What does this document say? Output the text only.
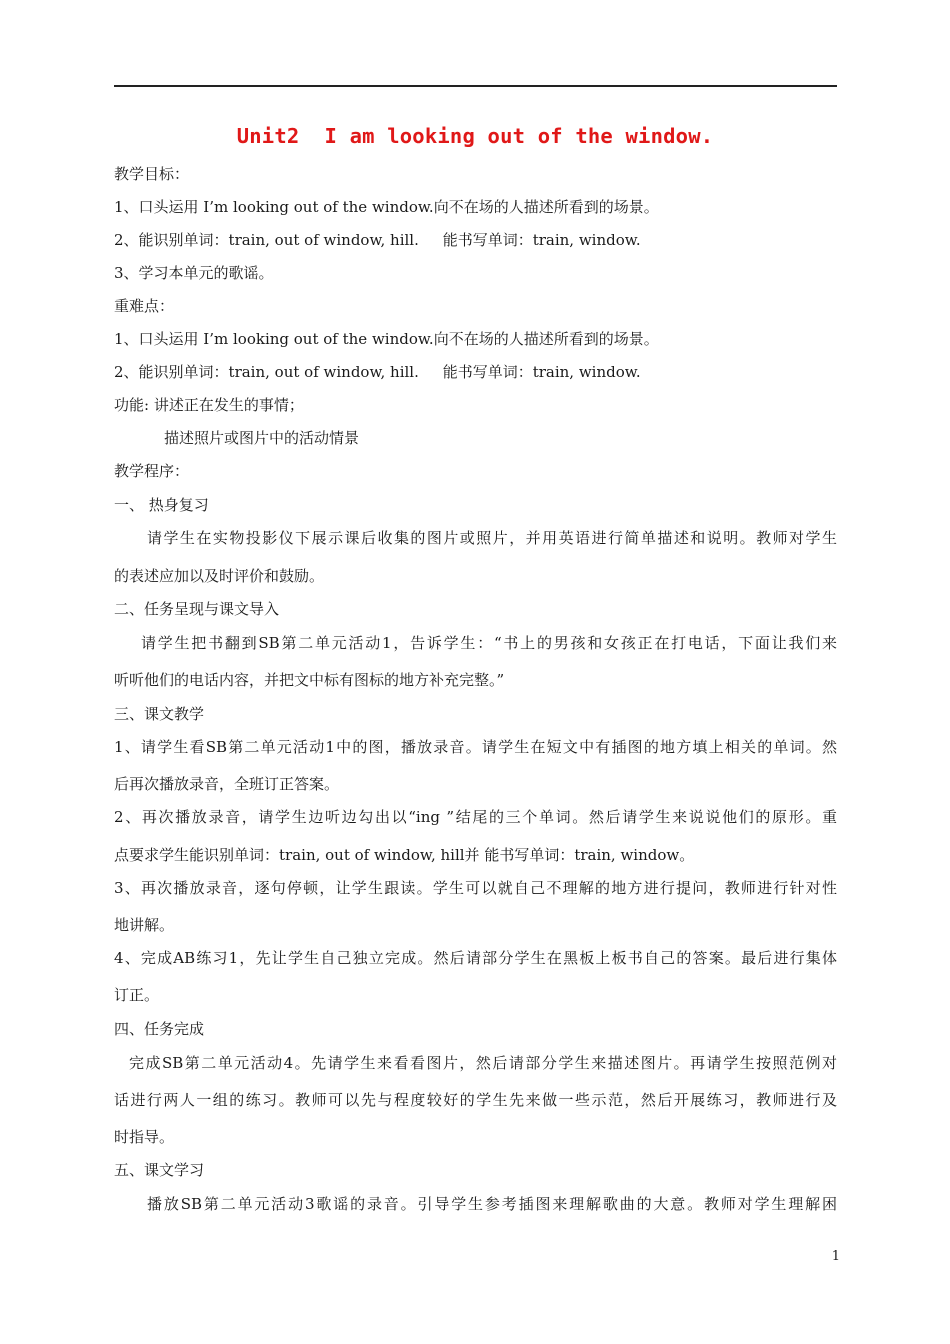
Unit2  I am looking out of the window.
教学目标：
1、口头运用 I’m looking out of the window.向不在场的人描述所看到的场景。
2、能识别单词：train, out of window, hill.     能书写单词：train, window.
3、学习本单元的歌谣。
重难点：
1、口头运用 I’m looking out of the window.向不在场的人描述所看到的场景。
2、能识别单词：train, out of window, hill.     能书写单词：train, window.
功能: 讲述正在发生的事情；
描述照片或图片中的活动情景
教学程序：
一、 热身复习
请学生在实物投影仪下展示课后收集的图片或照片，并用英语进行简单描述和说明。教师对学生
的表述应加以及时评价和鼓励。
二、任务呈现与课文导入
请学生把书翻到SB第二单元活动1，告诉学生：“书上的男孩和女孩正在打电话，下面让我们来
听听他们的电话内容，并把文中标有图标的地方补充完整。”
三、课文教学
1、请学生看SB第二单元活动1中的图，播放录音。请学生在短文中有插图的地方填上相关的单词。然
后再次播放录音，全班订正答案。
2、再次播放录音，请学生边听边勾出以“ing ”结尾的三个单词。然后请学生来说说他们的原形。重
点要求学生能识别单词：train, out of window, hill并 能书写单词：train, window。
3、再次播放录音，逐句停顿，让学生跟读。学生可以就自己不理解的地方进行提问，教师进行针对性
地讲解。
4、完成AB练习1，先让学生自己独立完成。然后请部分学生在黑板上板书自己的答案。最后进行集体
订正。
四、任务完成
完成SB第二单元活动4。先请学生来看看图片，然后请部分学生来描述图片。再请学生按照范例对
话进行两人一组的练习。教师可以先与程度较好的学生先来做一些示范，然后开展练习，教师进行及
时指导。
五、课文学习
播放SB第二单元活动3歌谣的录音。引导学生参考插图来理解歌曲的大意。教师对学生理解困
1
